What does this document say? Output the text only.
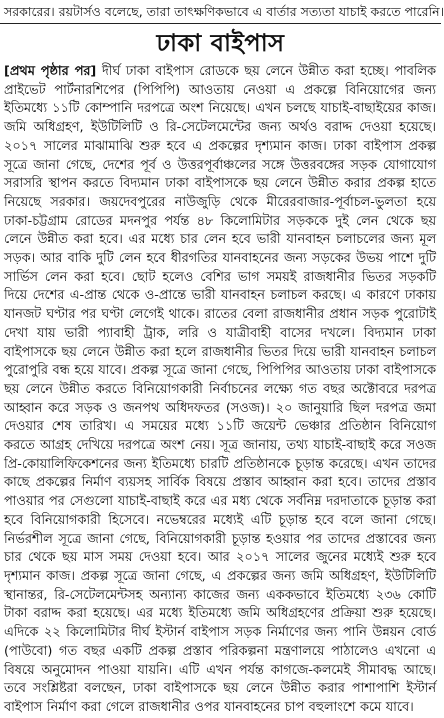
সরকারের। রয়টার্সও বলেছে, তারা তাৎক্ষণিকভাবে এ বার্তার সত্যতা যাচাই করতে পারেনি।
ঢাকা বাইপাস
[প্রথম পৃষ্ঠার পর] দীর্ঘ ঢাকা বাইপাস রোডকে ছয় লেনে উন্নীত করা হচ্ছে। পাবলিক প্রাইভেট পার্টনারশিপের (পিপিপি) আওতায় নেওয়া এ প্রকল্পে বিনিয়োগের জন্য ইতিমধ্যে ১১টি কোম্পানি দরপত্রে অংশ নিয়েছে। এখন চলছে যাচাই-বাছাইয়ের কাজ। জমি অধিগ্রহণ, ইউটিলিটি ও রি-সেটেলমেন্টের জন্য অর্থও বরাদ্দ দেওয়া হয়েছে। ২০১৭ সালের মাঝামাঝি শুরু হবে এ প্রকল্পের দৃশ্যমান কাজ। ঢাকা বাইপাস প্রকল্প সূত্রে জানা গেছে, দেশের পূর্ব ও উত্তরপূর্বাঞ্চলের সঙ্গে উত্তরবঙ্গের সড়ক যোগাযোগ সরাসরি স্থাপন করতে বিদ্যমান ঢাকা বাইপাসকে ছয় লেনে উন্নীত করার প্রকল্প হাতে নিয়েছে সরকার। জয়দেবপুরের নাউজুড়ি থেকে মীরেরবাজার-পূর্বাচল-ভুলতা হয়ে ঢাকা-চট্টগ্রাম রোডের মদনপুর পর্যন্ত ৪৮ কিলোমিটার সড়ককে দুই লেন থেকে ছয় লেনে উন্নীত করা হবে। এর মধ্যে চার লেন হবে ভারী যানবাহন চলাচলের জন্য মূল সড়ক। আর বাকি দুটি লেন হবে ধীরগতির যানবাহনের জন্য সড়কের উভয় পাশে দুটি সার্ভিস লেন করা হবে। ছোট হলেও বেশির ভাগ সময়ই রাজধানীর ভিতর সড়কটি দিয়ে দেশের এ-প্রান্ত থেকে ও-প্রান্তে ভারী যানবাহন চলাচল করছে। এ কারণে ঢাকায় যানজট ঘণ্টার পর ঘণ্টা লেগেই থাকে। রাতের বেলা রাজধানীর প্রধান সড়ক পুরোটাই দেখা যায় ভারী প্যাবাহী ট্রাক, লরি ও যাত্রীবাহী বাসের দখলে। বিদ্যমান ঢাকা বাইপাসকে ছয় লেনে উন্নীত করা হলে রাজধানীর ভিতর দিয়ে ভারী যানবাহন চলাচল পুরোপুরি বন্ধ হয়ে যাবে। প্রকল্প সূত্রে জানা গেছে, পিপিপির আওতায় ঢাকা বাইপাসকে ছয় লেনে উন্নীত করতে বিনিয়োগকারী নির্বাচনের লক্ষ্যে গত বছর অক্টোবরে দরপত্র আহ্বান করে সড়ক ও জনপথ অধিদফতর (সওজ)। ২০ জানুয়ারি ছিল দরপত্র জমা দেওয়ার শেষ তারিখ। এ সময়ের মধ্যে ১১টি জয়েন্ট ভেঞ্চার প্রতিষ্ঠান বিনিয়োগ করতে আগ্রহ দেখিয়ে দরপত্রে অংশ নেয়। সূত্র জানায়, তথ্য যাচাই-বাছাই করে সওজ প্রি-কোয়ালিফিকেশনের জন্য ইতিমধ্যে চারটি প্রতিষ্ঠানকে চূড়ান্ত করেছে। এখন তাদের কাছে প্রকল্পের নির্মাণ ব্যয়সহ সার্বিক বিষয়ে প্রস্তাব আহ্বান করা হবে। তাদের প্রস্তাব পাওয়ার পর সেগুলো যাচাই-বাছাই করে এর মধ্য থেকে সর্বনিম্ন দরদাতাকে চূড়ান্ত করা হবে বিনিয়োগকারী হিসেবে। নভেম্বরের মধ্যেই এটি চূড়ান্ত হবে বলে জানা গেছে। নির্ভরশীল সূত্রে জানা গেছে, বিনিয়োগকারী চূড়ান্ত হওয়ার পর তাদের প্রস্তাবের জন্য চার থেকে ছয় মাস সময় দেওয়া হবে। আর ২০১৭ সালের জুনের মধ্যেই শুরু হবে দৃশ্যমান কাজ। প্রকল্প সূত্রে জানা গেছে, এ প্রকল্পের জন্য জমি অধিগ্রহণ, ইউটিলিটি স্থানান্তর, রি-সেটেলমেন্টসহ অন্যান্য কাজের জন্য এককভাবে ইতিমধ্যে ২৩৬ কোটি টাকা বরাদ্দ করা হয়েছে। এর মধ্যে ইতিমধ্যে জমি অধিগ্রহণের প্রক্রিয়া শুরু হয়েছে। এদিকে ২২ কিলোমিটার দীর্ঘ ইস্টার্ন বাইপাস সড়ক নির্মাণের জন্য পানি উন্নয়ন বোর্ড (পাউবো) গত বছর একটি প্রকল্প প্রস্তাব পরিকল্পনা মন্ত্রণালয়ে পাঠালেও এখনো এ বিষয়ে অনুমোদন পাওয়া যায়নি। এটি এখন পর্যন্ত কাগজে-কলমেই সীমাবদ্ধ আছে। তবে সংশ্লিষ্টরা বলছেন, ঢাকা বাইপাসকে ছয় লেনে উন্নীত করার পাশাপাশি ইস্টার্ন বাইপাস নির্মাণ করা গেলে রাজধানীর ওপর যানবাহনের চাপ বহুলাংশে কমে যাবে।
